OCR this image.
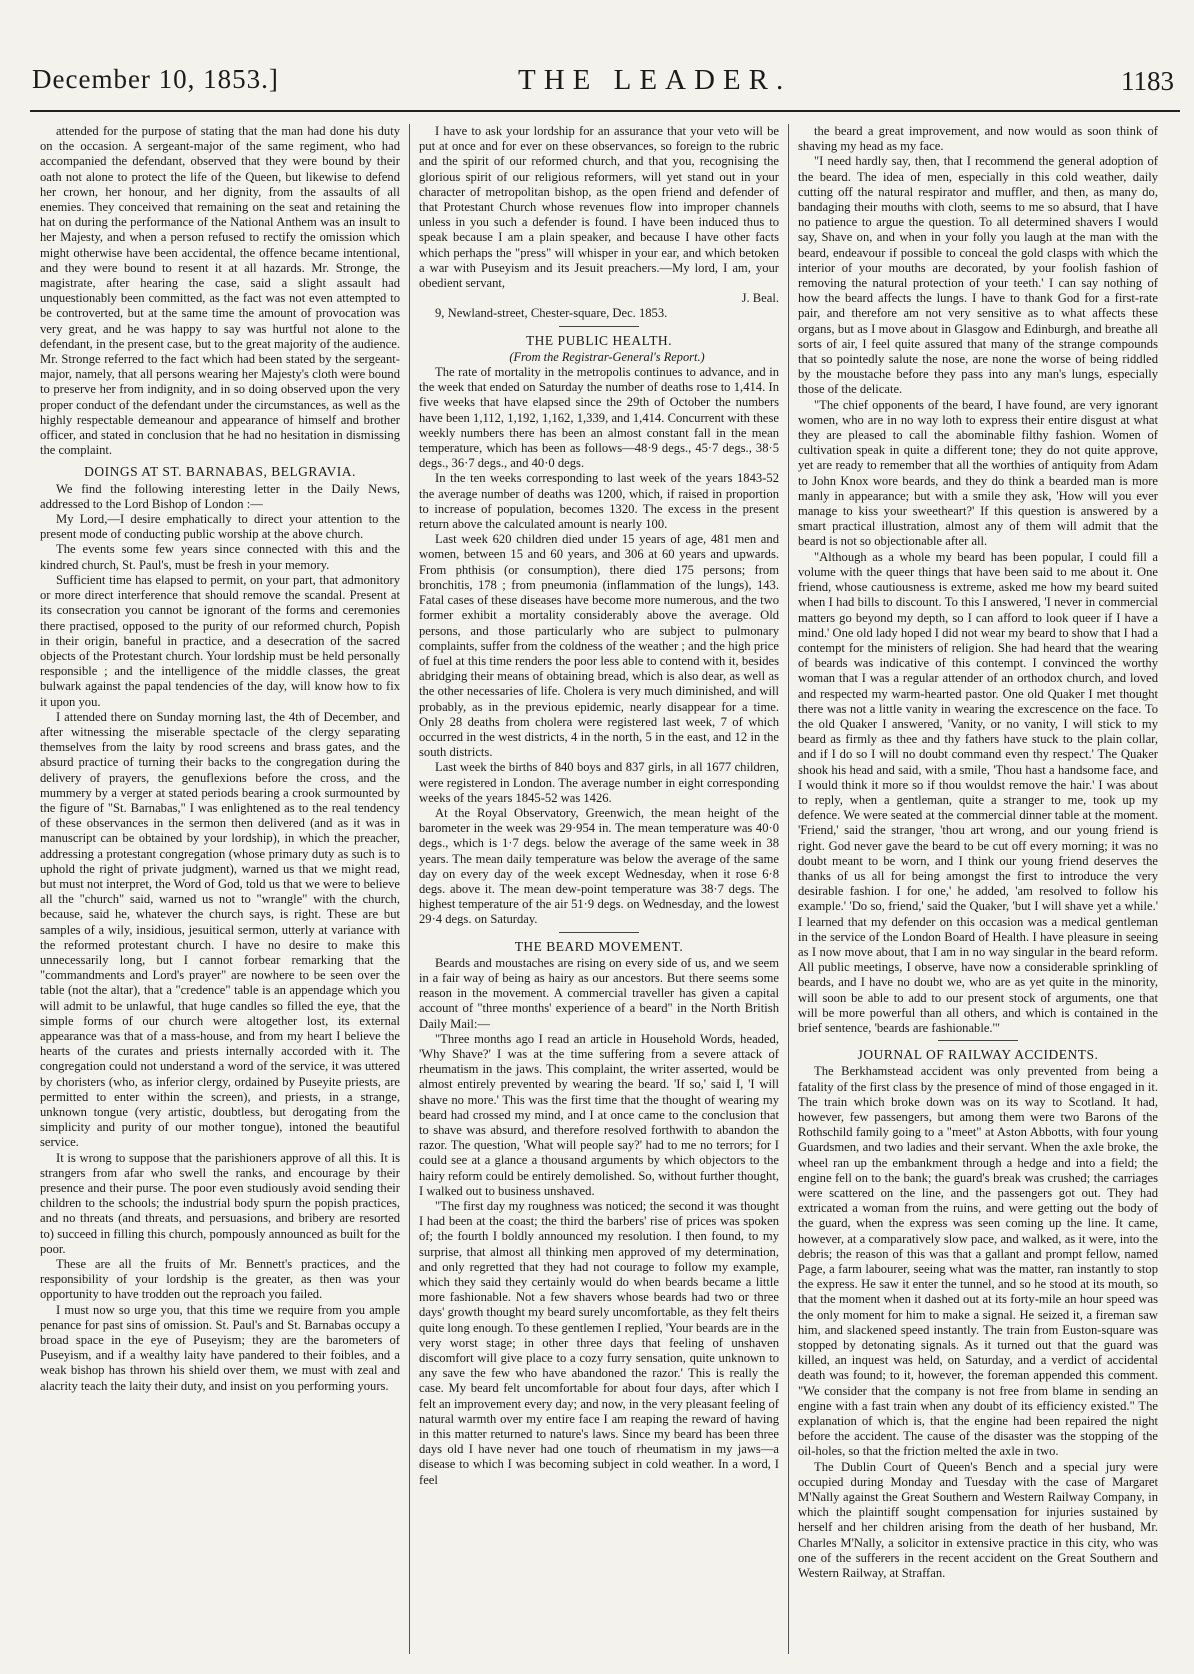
December 10, 1853.]	THE LEADER.	1183

attended for the purpose of stating that the man had done his duty on the occasion. A sergeant-major of the same regiment, who had accompanied the defendant, observed that they were bound by their oath not alone to protect the life of the Queen, but likewise to defend her crown, her honour, and her dignity, from the assaults of all enemies. They conceived that remaining on the seat and retaining the hat on during the performance of the National Anthem was an insult to her Majesty, and when a person refused to rectify the omission which might otherwise have been accidental, the offence became intentional, and they were bound to resent it at all hazards. Mr. Stronge, the magistrate, after hearing the case, said a slight assault had unquestionably been committed, as the fact was not even attempted to be controverted, but at the same time the amount of provocation was very great, and he was happy to say was hurtful not alone to the defendant, in the present case, but to the great majority of the audience. Mr. Stronge referred to the fact which had been stated by the sergeant-major, namely, that all persons wearing her Majesty's cloth were bound to preserve her from indignity, and in so doing observed upon the very proper conduct of the defendant under the circumstances, as well as the highly respectable demeanour and appearance of himself and brother officer, and stated in conclusion that he had no hesitation in dismissing the complaint.

DOINGS AT ST. BARNABAS, BELGRAVIA.

We find the following interesting letter in the Daily News, addressed to the Lord Bishop of London :—

My Lord,—I desire emphatically to direct your attention to the present mode of conducting public worship at the above church.

The events some few years since connected with this and the kindred church, St. Paul's, must be fresh in your memory.

Sufficient time has elapsed to permit, on your part, that admonitory or more direct interference that should remove the scandal. Present at its consecration you cannot be ignorant of the forms and ceremonies there practised, opposed to the purity of our reformed church, Popish in their origin, baneful in practice, and a desecration of the sacred objects of the Protestant church. Your lordship must be held personally responsible ; and the intelligence of the middle classes, the great bulwark against the papal tendencies of the day, will know how to fix it upon you.

I attended there on Sunday morning last, the 4th of December, and after witnessing the miserable spectacle of the clergy separating themselves from the laity by rood screens and brass gates, and the absurd practice of turning their backs to the congregation during the delivery of prayers, the genuflexions before the cross, and the mummery by a verger at stated periods bearing a crook surmounted by the figure of "St. Barnabas," I was enlightened as to the real tendency of these observances in the sermon then delivered (and as it was in manuscript can be obtained by your lordship), in which the preacher, addressing a protestant congregation (whose primary duty as such is to uphold the right of private judgment), warned us that we might read, but must not interpret, the Word of God, told us that we were to believe all the "church" said, warned us not to "wrangle" with the church, because, said he, whatever the church says, is right. These are but samples of a wily, insidious, jesuitical sermon, utterly at variance with the reformed protestant church. I have no desire to make this unnecessarily long, but I cannot forbear remarking that the "commandments and Lord's prayer" are nowhere to be seen over the table (not the altar), that a "credence" table is an appendage which you will admit to be unlawful, that huge candles so filled the eye, that the simple forms of our church were altogether lost, its external appearance was that of a mass-house, and from my heart I believe the hearts of the curates and priests internally accorded with it. The congregation could not understand a word of the service, it was uttered by choristers (who, as inferior clergy, ordained by Puseyite priests, are permitted to enter within the screen), and priests, in a strange, unknown tongue (very artistic, doubtless, but derogating from the simplicity and purity of our mother tongue), intoned the beautiful service.

It is wrong to suppose that the parishioners approve of all this. It is strangers from afar who swell the ranks, and encourage by their presence and their purse. The poor even studiously avoid sending their children to the schools; the industrial body spurn the popish practices, and no threats (and threats, and persuasions, and bribery are resorted to) succeed in filling this church, pompously announced as built for the poor.

These are all the fruits of Mr. Bennett's practices, and the responsibility of your lordship is the greater, as then was your opportunity to have trodden out the reproach you failed.

I must now so urge you, that this time we require from you ample penance for past sins of omission. St. Paul's and St. Barnabas occupy a broad space in the eye of Puseyism; they are the barometers of Puseyism, and if a wealthy laity have pandered to their foibles, and a weak bishop has thrown his shield over them, we must with zeal and alacrity teach the laity their duty, and insist on you performing yours.

I have to ask your lordship for an assurance that your veto will be put at once and for ever on these observances, so foreign to the rubric and the spirit of our reformed church, and that you, recognising the glorious spirit of our religious reformers, will yet stand out in your character of metropolitan bishop, as the open friend and defender of that Protestant Church whose revenues flow into improper channels unless in you such a defender is found. I have been induced thus to speak because I am a plain speaker, and because I have other facts which perhaps the "press" will whisper in your ear, and which betoken a war with Puseyism and its Jesuit preachers.—My lord, I am, your obedient servant,

J. Beal.

9, Newland-street, Chester-square, Dec. 1853.

THE PUBLIC HEALTH.

(From the Registrar-General's Report.)

The rate of mortality in the metropolis continues to advance, and in the week that ended on Saturday the number of deaths rose to 1,414. In five weeks that have elapsed since the 29th of October the numbers have been 1,112, 1,192, 1,162, 1,339, and 1,414. Concurrent with these weekly numbers there has been an almost constant fall in the mean temperature, which has been as follows—48·9 degs., 45·7 degs., 38·5 degs., 36·7 degs., and 40·0 degs.

In the ten weeks corresponding to last week of the years 1843-52 the average number of deaths was 1200, which, if raised in proportion to increase of population, becomes 1320. The excess in the present return above the calculated amount is nearly 100.

Last week 620 children died under 15 years of age, 481 men and women, between 15 and 60 years, and 306 at 60 years and upwards. From phthisis (or consumption), there died 175 persons; from bronchitis, 178 ; from pneumonia (inflammation of the lungs), 143. Fatal cases of these diseases have become more numerous, and the two former exhibit a mortality considerably above the average. Old persons, and those particularly who are subject to pulmonary complaints, suffer from the coldness of the weather ; and the high price of fuel at this time renders the poor less able to contend with it, besides abridging their means of obtaining bread, which is also dear, as well as the other necessaries of life. Cholera is very much diminished, and will probably, as in the previous epidemic, nearly disappear for a time. Only 28 deaths from cholera were registered last week, 7 of which occurred in the west districts, 4 in the north, 5 in the east, and 12 in the south districts.

Last week the births of 840 boys and 837 girls, in all 1677 children, were registered in London. The average number in eight corresponding weeks of the years 1845-52 was 1426.

At the Royal Observatory, Greenwich, the mean height of the barometer in the week was 29·954 in. The mean temperature was 40·0 degs., which is 1·7 degs. below the average of the same week in 38 years. The mean daily temperature was below the average of the same day on every day of the week except Wednesday, when it rose 6·8 degs. above it. The mean dew-point temperature was 38·7 degs. The highest temperature of the air 51·9 degs. on Wednesday, and the lowest 29·4 degs. on Saturday.

THE BEARD MOVEMENT.

Beards and moustaches are rising on every side of us, and we seem in a fair way of being as hairy as our ancestors. But there seems some reason in the movement. A commercial traveller has given a capital account of "three months' experience of a beard" in the North British Daily Mail:—

"Three months ago I read an article in Household Words, headed, 'Why Shave?' I was at the time suffering from a severe attack of rheumatism in the jaws. This complaint, the writer asserted, would be almost entirely prevented by wearing the beard. 'If so,' said I, 'I will shave no more.' This was the first time that the thought of wearing my beard had crossed my mind, and I at once came to the conclusion that to shave was absurd, and therefore resolved forthwith to abandon the razor. The question, 'What will people say?' had to me no terrors; for I could see at a glance a thousand arguments by which objectors to the hairy reform could be entirely demolished. So, without further thought, I walked out to business unshaved.

"The first day my roughness was noticed; the second it was thought I had been at the coast; the third the barbers' rise of prices was spoken of; the fourth I boldly announced my resolution. I then found, to my surprise, that almost all thinking men approved of my determination, and only regretted that they had not courage to follow my example, which they said they certainly would do when beards became a little more fashionable. Not a few shavers whose beards had two or three days' growth thought my beard surely uncomfortable, as they felt theirs quite long enough. To these gentlemen I replied, 'Your beards are in the very worst stage; in other three days that feeling of unshaven discomfort will give place to a cozy furry sensation, quite unknown to any save the few who have abandoned the razor.' This is really the case. My beard felt uncomfortable for about four days, after which I felt an improvement every day; and now, in the very pleasant feeling of natural warmth over my entire face I am reaping the reward of having in this matter returned to nature's laws. Since my beard has been three days old I have never had one touch of rheumatism in my jaws—a disease to which I was becoming subject in cold weather. In a word, I feel

the beard a great improvement, and now would as soon think of shaving my head as my face.

"I need hardly say, then, that I recommend the general adoption of the beard. The idea of men, especially in this cold weather, daily cutting off the natural respirator and muffler, and then, as many do, bandaging their mouths with cloth, seems to me so absurd, that I have no patience to argue the question. To all determined shavers I would say, Shave on, and when in your folly you laugh at the man with the beard, endeavour if possible to conceal the gold clasps with which the interior of your mouths are decorated, by your foolish fashion of removing the natural protection of your teeth.' I can say nothing of how the beard affects the lungs. I have to thank God for a first-rate pair, and therefore am not very sensitive as to what affects these organs, but as I move about in Glasgow and Edinburgh, and breathe all sorts of air, I feel quite assured that many of the strange compounds that so pointedly salute the nose, are none the worse of being riddled by the moustache before they pass into any man's lungs, especially those of the delicate.

"The chief opponents of the beard, I have found, are very ignorant women, who are in no way loth to express their entire disgust at what they are pleased to call the abominable filthy fashion. Women of cultivation speak in quite a different tone; they do not quite approve, yet are ready to remember that all the worthies of antiquity from Adam to John Knox wore beards, and they do think a bearded man is more manly in appearance; but with a smile they ask, 'How will you ever manage to kiss your sweetheart?' If this question is answered by a smart practical illustration, almost any of them will admit that the beard is not so objectionable after all.

"Although as a whole my beard has been popular, I could fill a volume with the queer things that have been said to me about it. One friend, whose cautiousness is extreme, asked me how my beard suited when I had bills to discount. To this I answered, 'I never in commercial matters go beyond my depth, so I can afford to look queer if I have a mind.' One old lady hoped I did not wear my beard to show that I had a contempt for the ministers of religion. She had heard that the wearing of beards was indicative of this contempt. I convinced the worthy woman that I was a regular attender of an orthodox church, and loved and respected my warm-hearted pastor. One old Quaker I met thought there was not a little vanity in wearing the excrescence on the face. To the old Quaker I answered, 'Vanity, or no vanity, I will stick to my beard as firmly as thee and thy fathers have stuck to the plain collar, and if I do so I will no doubt command even thy respect.' The Quaker shook his head and said, with a smile, 'Thou hast a handsome face, and I would think it more so if thou wouldst remove the hair.' I was about to reply, when a gentleman, quite a stranger to me, took up my defence. We were seated at the commercial dinner table at the moment. 'Friend,' said the stranger, 'thou art wrong, and our young friend is right. God never gave the beard to be cut off every morning; it was no doubt meant to be worn, and I think our young friend deserves the thanks of us all for being amongst the first to introduce the very desirable fashion. I for one,' he added, 'am resolved to follow his example.' 'Do so, friend,' said the Quaker, 'but I will shave yet a while.' I learned that my defender on this occasion was a medical gentleman in the service of the London Board of Health. I have pleasure in seeing as I now move about, that I am in no way singular in the beard reform. All public meetings, I observe, have now a considerable sprinkling of beards, and I have no doubt we, who are as yet quite in the minority, will soon be able to add to our present stock of arguments, one that will be more powerful than all others, and which is contained in the brief sentence, 'beards are fashionable.'"

JOURNAL OF RAILWAY ACCIDENTS.

The Berkhamstead accident was only prevented from being a fatality of the first class by the presence of mind of those engaged in it. The train which broke down was on its way to Scotland. It had, however, few passengers, but among them were two Barons of the Rothschild family going to a "meet" at Aston Abbotts, with four young Guardsmen, and two ladies and their servant. When the axle broke, the wheel ran up the embankment through a hedge and into a field; the engine fell on to the bank; the guard's break was crushed; the carriages were scattered on the line, and the passengers got out. They had extricated a woman from the ruins, and were getting out the body of the guard, when the express was seen coming up the line. It came, however, at a comparatively slow pace, and walked, as it were, into the debris; the reason of this was that a gallant and prompt fellow, named Page, a farm labourer, seeing what was the matter, ran instantly to stop the express. He saw it enter the tunnel, and so he stood at its mouth, so that the moment when it dashed out at its forty-mile an hour speed was the only moment for him to make a signal. He seized it, a fireman saw him, and slackened speed instantly. The train from Euston-square was stopped by detonating signals. As it turned out that the guard was killed, an inquest was held, on Saturday, and a verdict of accidental death was found; to it, however, the foreman appended this comment. "We consider that the company is not free from blame in sending an engine with a fast train when any doubt of its efficiency existed." The explanation of which is, that the engine had been repaired the night before the accident. The cause of the disaster was the stopping of the oil-holes, so that the friction melted the axle in two.

The Dublin Court of Queen's Bench and a special jury were occupied during Monday and Tuesday with the case of Margaret M'Nally against the Great Southern and Western Railway Company, in which the plaintiff sought compensation for injuries sustained by herself and her children arising from the death of her husband, Mr. Charles M'Nally, a solicitor in extensive practice in this city, who was one of the sufferers in the recent accident on the Great Southern and Western Railway, at Straffan.
